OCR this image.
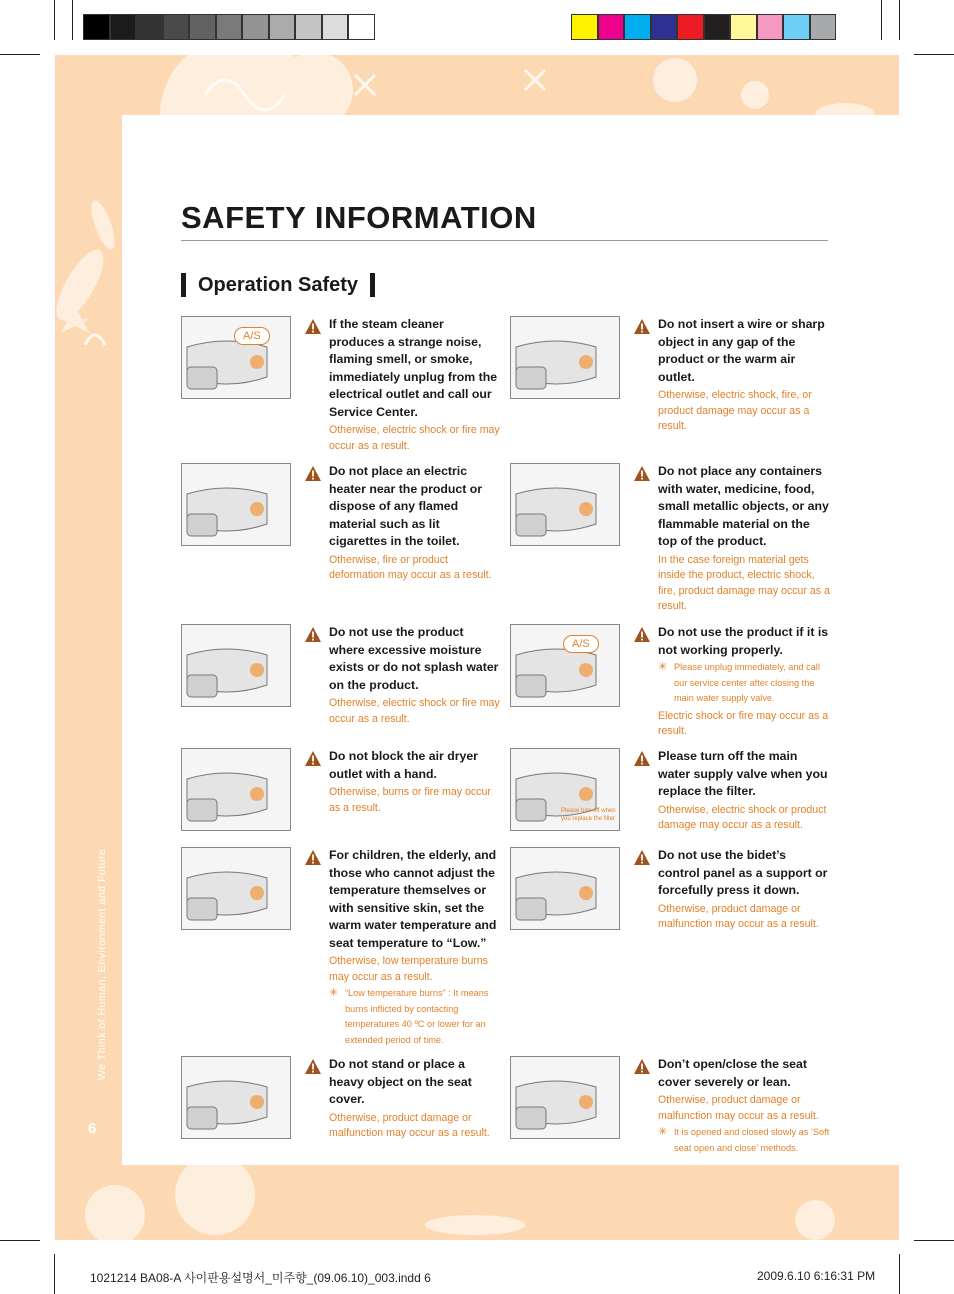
SAFETY INFORMATION
Operation Safety
We Think of Human, Environment and Future
6
A/S
If the steam cleaner produces a strange noise, flaming smell, or smoke, immediately unplug from the electrical outlet and call our Service Center.
Otherwise, electric shock or fire may occur as a result.
Do not insert a wire or sharp object in any gap of the product or the warm air outlet.
Otherwise, electric shock, fire, or product damage may occur as a result.
Do not place an electric heater near the product or dispose of any flamed material such as lit cigarettes in the toilet.
Otherwise, fire or product deformation may occur as a result.
Do not place any containers with water, medicine, food, small metallic objects, or any flammable material on the top of the product.
In the case foreign material gets inside the product, electric shock, fire, product damage may occur as a result.
Do not use the product where excessive moisture exists or do not splash water on the product.
Otherwise, electric shock or fire may occur as a result.
A/S
Do not use the product if it is not working properly.
✳ Please unplug immediately, and call our service center after closing the main water supply valve.
Electric shock or fire may occur as a result.
Do not block the air dryer outlet with a hand.
Otherwise, burns or fire may occur as a result.	Please turn off when you replace the filter
Please turn off the main water supply valve when you replace the filter.
Otherwise, electric shock or product damage may occur as a result.
For children, the elderly, and those who cannot adjust the temperature themselves or with sensitive skin, set the warm water temperature and seat temperature to “Low.”
Otherwise, low temperature burns may occur as a result.
✳ “Low temperature burns” : It means burns inflicted by contacting temperatures 40 ºC or lower for an extended period of time.
Do not use the bidet’s control panel as a support or forcefully press it down.
Otherwise, product damage or malfunction may occur as a result.
Do not stand or place a heavy object on the seat cover.
Otherwise, product damage or malfunction may occur as a result.
Don’t open/close the seat cover severely or lean.
Otherwise, product damage or malfunction may occur as a result.
✳ It is opened and closed slowly as ‘Soft seat open and close’ methods.
1021214 BA08-A 사이판용설명서_미주향_(09.06.10)_003.indd 6	2009.6.10 6:16:31 PM
